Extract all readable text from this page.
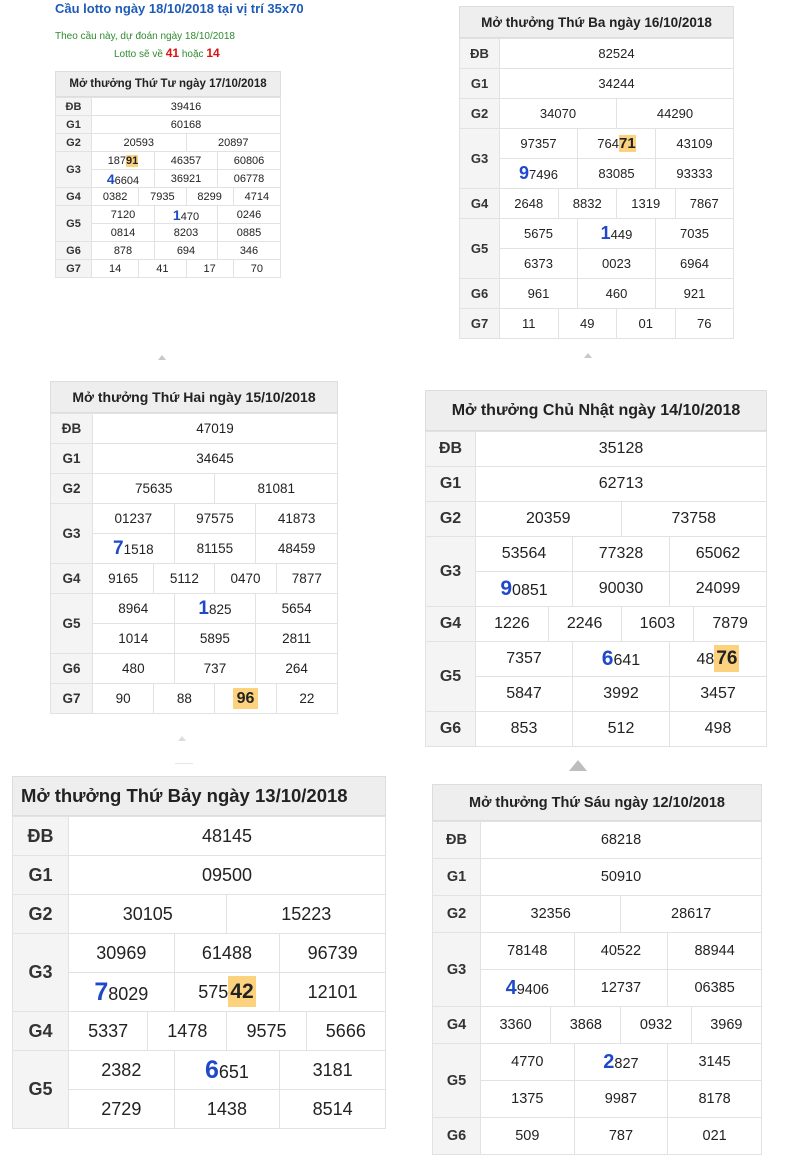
Cầu lotto ngày 18/10/2018 tại vị trí 35x70
Theo cầu này, dự đoán ngày 18/10/2018
Lotto sẽ về 41 hoặc 14
Mở thưởng Thứ Tư ngày 17/10/2018
ĐB	39416					
G1	60168					
G2	20593			20897		
G3	18791		46357		60806	
	46604		36921		06778	
G4	0382	7935		8299		4714
G5	7120		1470		0246	
	0814		8203		0885	
G6	878		694		346	
G7	14	41		17		70
Mở thưởng Thứ Ba ngày 16/10/2018
ĐB	82524					
G1	34244					
G2	34070			44290		
G3	97357		76471		43109	
	97496		83085		93333	
G4	2648	8832		1319		7867
G5	5675		1449		7035	
	6373		0023		6964	
G6	961		460		921	
G7	11	49		01		76
Mở thưởng Thứ Hai ngày 15/10/2018
ĐB	47019					
G1	34645					
G2	75635			81081		
G3	01237		97575		41873	
	71518		81155		48459	
G4	9165	5112		0470		7877
G5	8964		1825		5654	
	1014		5895		2811	
G6	480		737		264	
G7	90	88		96		22
Mở thưởng Chủ Nhật ngày 14/10/2018
ĐB	35128					
G1	62713					
G2	20359			73758		
G3	53564		77328		65062	
	90851		90030		24099	
G4	1226	2246		1603		7879
G5	7357		6641		48 76	
	5847		3992		3457	
G6	853		512		498	
Mở thưởng Thứ Bảy ngày 13/10/2018
ĐB	48145					
G1	09500					
G2	30105			15223		
G3	30969		61488		96739	
	78029		57542		12101	
G4	5337	1478		9575		5666
G5	2382		6651		3181	
	2729		1438		8514	
Mở thưởng Thứ Sáu ngày 12/10/2018
ĐB	68218					
G1	50910					
G2	32356			28617		
G3	78148		40522		88944	
	49406		12737		06385	
G4	3360	3868		0932		3969
G5	4770		2827		3145	
	1375		9987		8178	
G6	509		787		021	
